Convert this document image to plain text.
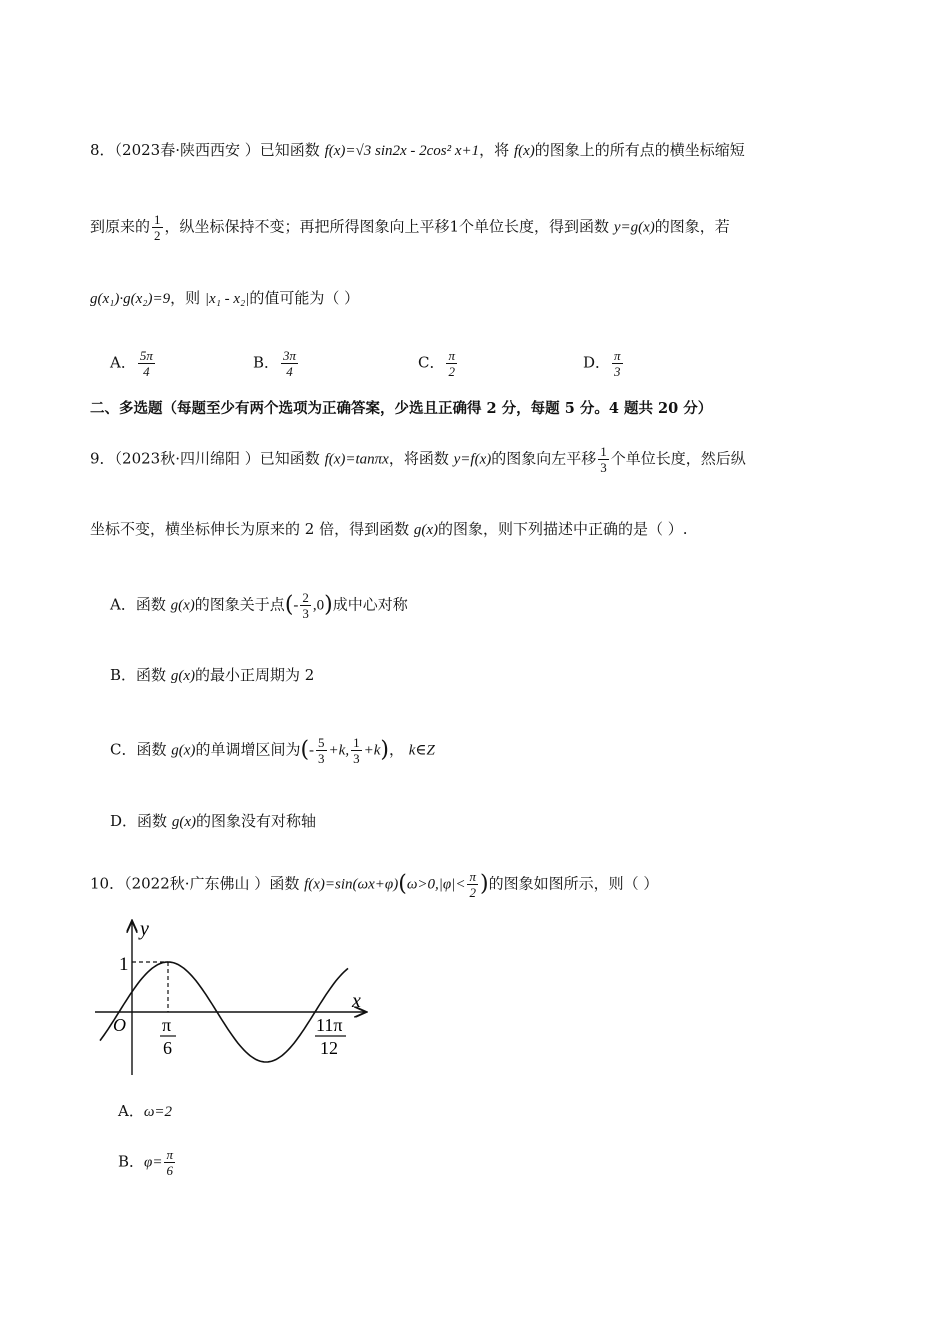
8．（2023春·陕西西安 ）已知函数 f(x)=√3 sin2x - 2cos² x+1，将 f(x)的图象上的所有点的横坐标缩短
到原来的 $\frac{1}{2}$ ，纵坐标保持不变；再把所得图象向上平移1个单位长度，得到函数 y=g(x)的图象，若
g(x₁)·g(x₂)=9，则 |x₁ - x₂|的值可能为（ ）
A． $\frac{5\pi}{4}$	B． $\frac{3\pi}{4}$	C． $\frac{\pi}{2}$	D． $\frac{\pi}{3}$
二、多选题（每题至少有两个选项为正确答案，少选且正确得 2 分，每题 5 分。4 题共 20 分）
9．（2023秋·四川绵阳 ）已知函数 f(x)=tanπx，将函数 y=f(x)的图象向左平移 $\frac{1}{3}$ 个单位长度，然后纵
坐标不变，横坐标伸长为原来的 2 倍，得到函数 g(x)的图象，则下列描述中正确的是（ ）.
A．函数 g(x)的图象关于点(- $\frac{2}{3} ,0$)成中心对称
B．函数 g(x)的最小正周期为 2
C．函数 g(x)的单调增区间为(- $\frac{5}{3} +k$, $\frac{1}{3} +k$)， k∈Z
D．函数 g(x)的图象没有对称轴
10．（2022秋·广东佛山 ）函数 $f(x)=\sin(\omega x+\varphi)(\omega>0,|\varphi|< \frac{\pi}{2}$ )的图象如图所示，则（ ）
y
x
O
1
π
6
11π
12
A．ω=2
B．$\varphi= \frac{\pi}{6}$
